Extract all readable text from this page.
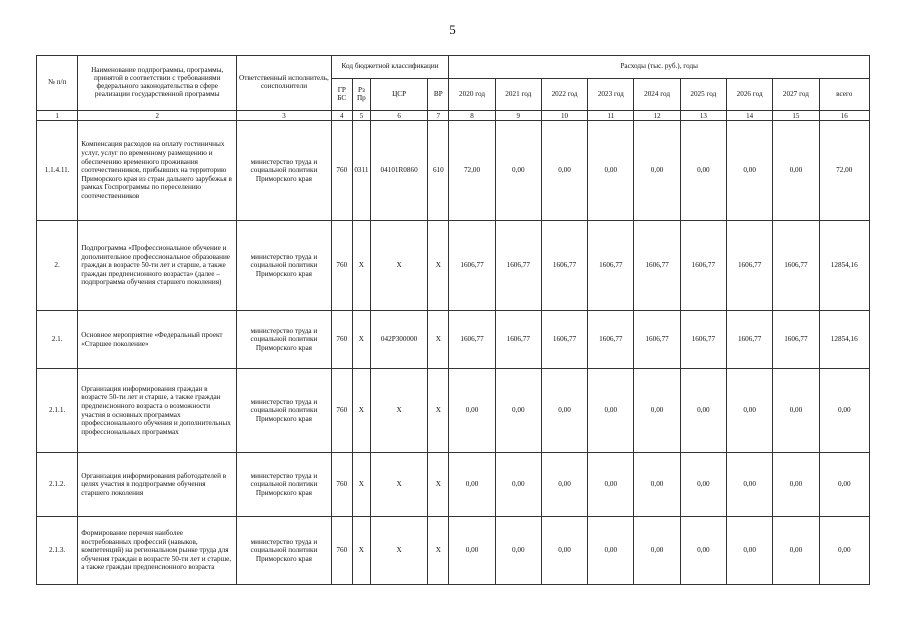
5
№ п/п	Наименование подпрограммы, программы, принятой в соответствии с требованиями федерального законодательства в сфере реализации государственной программы	Ответственный исполнитель, соисполнители	Код бюджетной классификации				Расходы (тыс. руб.), годы								
			ГР БС	Рз Пр	ЦСР	ВР	2020 год	2021 год	2022 год	2023 год	2024 год	2025 год	2026 год	2027 год	всего
1	2	3	4	5	6	7	8	9	10	11	12	13	14	15	16
1.1.4.11.	Компенсация расходов на оплату гостиничных услуг, услуг по временному размещению и обеспечению временного проживания соотечественников, прибывших на территорию Приморского края из стран дальнего зарубежья в рамках Госпрограммы по переселению соотечественников	министерство труда и социальной политики Приморского края	760	0311	04101R0860	610	72,00	0,00	0,00	0,00	0,00	0,00	0,00	0,00	72,00
2.	Подпрограмма «Профессиональное обучение и дополнительное профессиональное образование граждан в возрасте 50-ти лет и старше, а также граждан предпенсионного возраста» (далее – подпрограмма обучения старшего поколения)	министерство труда и социальной политики Приморского края	760	X	X	X	1606,77	1606,77	1606,77	1606,77	1606,77	1606,77	1606,77	1606,77	12854,16
2.1.	Основное мероприятие «Федеральный проект «Старшее поколение»	министерство труда и социальной политики Приморского края	760	X	042P300000	X	1606,77	1606,77	1606,77	1606,77	1606,77	1606,77	1606,77	1606,77	12854,16
2.1.1.	Организация информирования граждан в возрасте 50-ти лет и старше, а также граждан предпенсионного возраста о возможности участия в основных программах профессионального обучения и дополнительных профессиональных программах	министерство труда и социальной политики Приморского края	760	X	X	X	0,00	0,00	0,00	0,00	0,00	0,00	0,00	0,00	0,00
2.1.2.	Организация информирования работодателей в целях участия в подпрограмме обучения старшего поколения	министерство труда и социальной политики Приморского края	760	X	X	X	0,00	0,00	0,00	0,00	0,00	0,00	0,00	0,00	0,00
2.1.3.	Формирование перечня наиболее востребованных профессий (навыков, компетенций) на региональном рынке труда для обучения граждан в возрасте 50-ти лет и старше, а также граждан предпенсионного возраста	министерство труда и социальной политики Приморского края	760	X	X	X	0,00	0,00	0,00	0,00	0,00	0,00	0,00	0,00	0,00
